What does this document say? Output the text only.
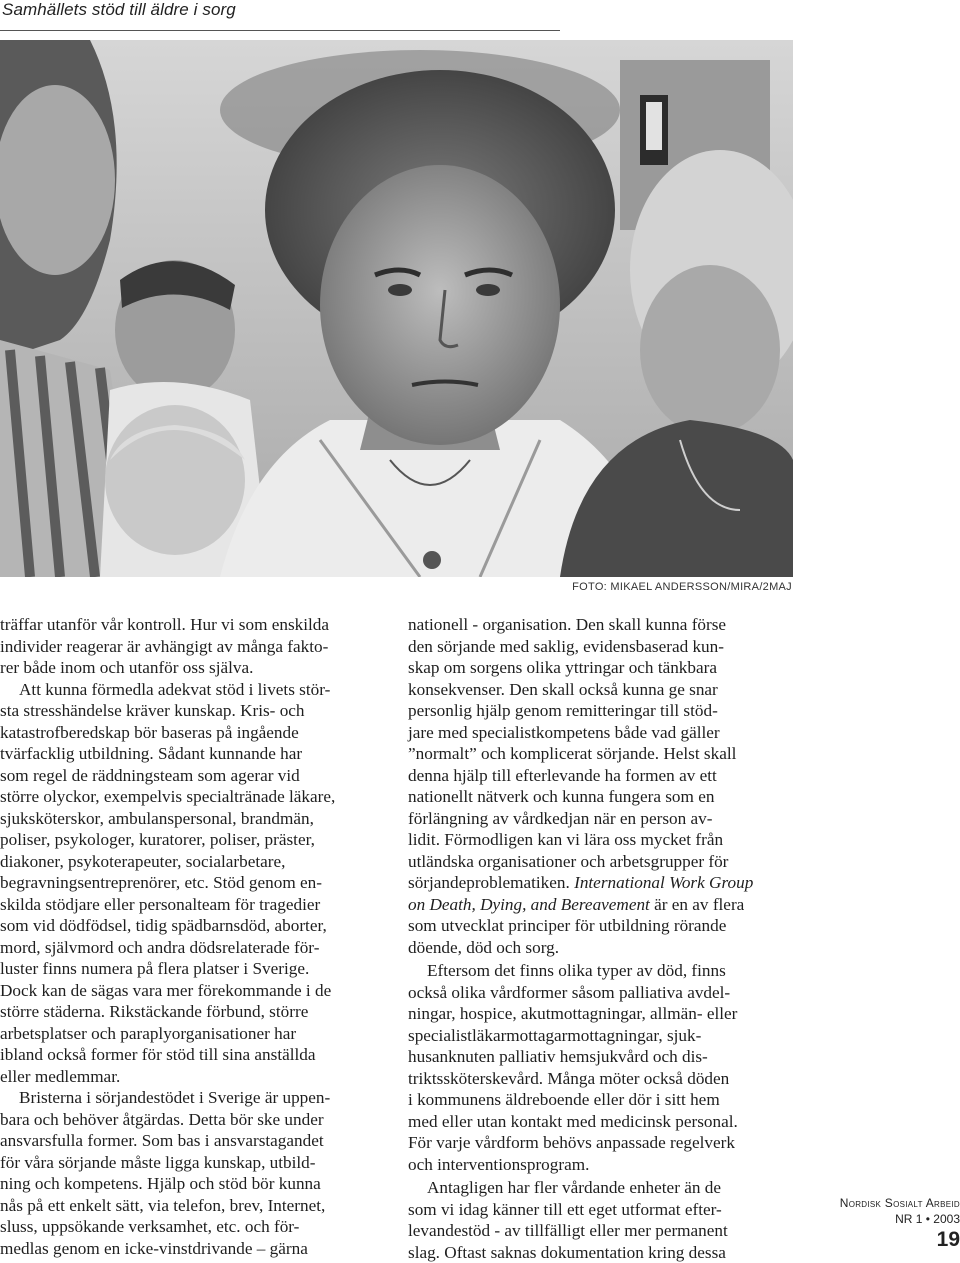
Samhällets stöd till äldre i sorg
FOTO: MIKAEL ANDERSSON/MIRA/2MAJ
träffar utanför vår kontroll. Hur vi som enskilda
individer reagerar är avhängigt av många fakto-
rer både inom och utanför oss själva.
Att kunna förmedla adekvat stöd i livets stör-
sta stresshändelse kräver kunskap. Kris- och
katastrofberedskap bör baseras på ingående
tvärfacklig utbildning. Sådant kunnande har
som regel de räddningsteam som agerar vid
större olyckor, exempelvis specialtränade läkare,
sjuksköterskor, ambulanspersonal, brandmän,
poliser, psykologer, kuratorer, poliser, präster,
diakoner, psykoterapeuter, socialarbetare,
begravningsentreprenörer, etc. Stöd genom en-
skilda stödjare eller personalteam för tragedier
som vid dödfödsel, tidig spädbarnsdöd, aborter,
mord, självmord och andra dödsrelaterade för-
luster finns numera på flera platser i Sverige.
Dock kan de sägas vara mer förekommande i de
större städerna. Rikstäckande förbund, större
arbetsplatser och paraplyorganisationer har
ibland också former för stöd till sina anställda
eller medlemmar.
Bristerna i sörjandestödet i Sverige är uppen-
bara och behöver åtgärdas. Detta bör ske under
ansvarsfulla former. Som bas i ansvarstagandet
för våra sörjande måste ligga kunskap, utbild-
ning och kompetens. Hjälp och stöd bör kunna
nås på ett enkelt sätt, via telefon, brev, Internet,
sluss, uppsökande verksamhet, etc. och för-
medlas genom en icke-vinstdrivande – gärna
nationell - organisation. Den skall kunna förse
den sörjande med saklig, evidensbaserad kun-
skap om sorgens olika yttringar och tänkbara
konsekvenser. Den skall också kunna ge snar
personlig hjälp genom remitteringar till stöd-
jare med specialistkompetens både vad gäller
”normalt” och komplicerat sörjande. Helst skall
denna hjälp till efterlevande ha formen av ett
nationellt nätverk och kunna fungera som en
förlängning av vårdkedjan när en person av-
lidit. Förmodligen kan vi lära oss mycket från
utländska organisationer och arbetsgrupper för
sörjandeproblematiken. International Work Group
on Death, Dying, and Bereavement är en av flera
som utvecklat principer för utbildning rörande
döende, död och sorg.
Eftersom det finns olika typer av död, finns
också olika vårdformer såsom palliativa avdel-
ningar, hospice, akutmottagningar, allmän- eller
specialistläkarmottagarmottagningar, sjuk-
husanknuten palliativ hemsjukvård och dis-
triktssköterskevård. Många möter också döden
i kommunens äldreboende eller dör i sitt hem
med eller utan kontakt med medicinsk personal.
För varje vårdform behövs anpassade regelverk
och interventionsprogram.
Antagligen har fler vårdande enheter än de
som vi idag känner till ett eget utformat efter-
levandestöd - av tillfälligt eller mer permanent
slag. Oftast saknas dokumentation kring dessa
Nordisk Sosialt Arbeid
NR 1 • 2003
19
